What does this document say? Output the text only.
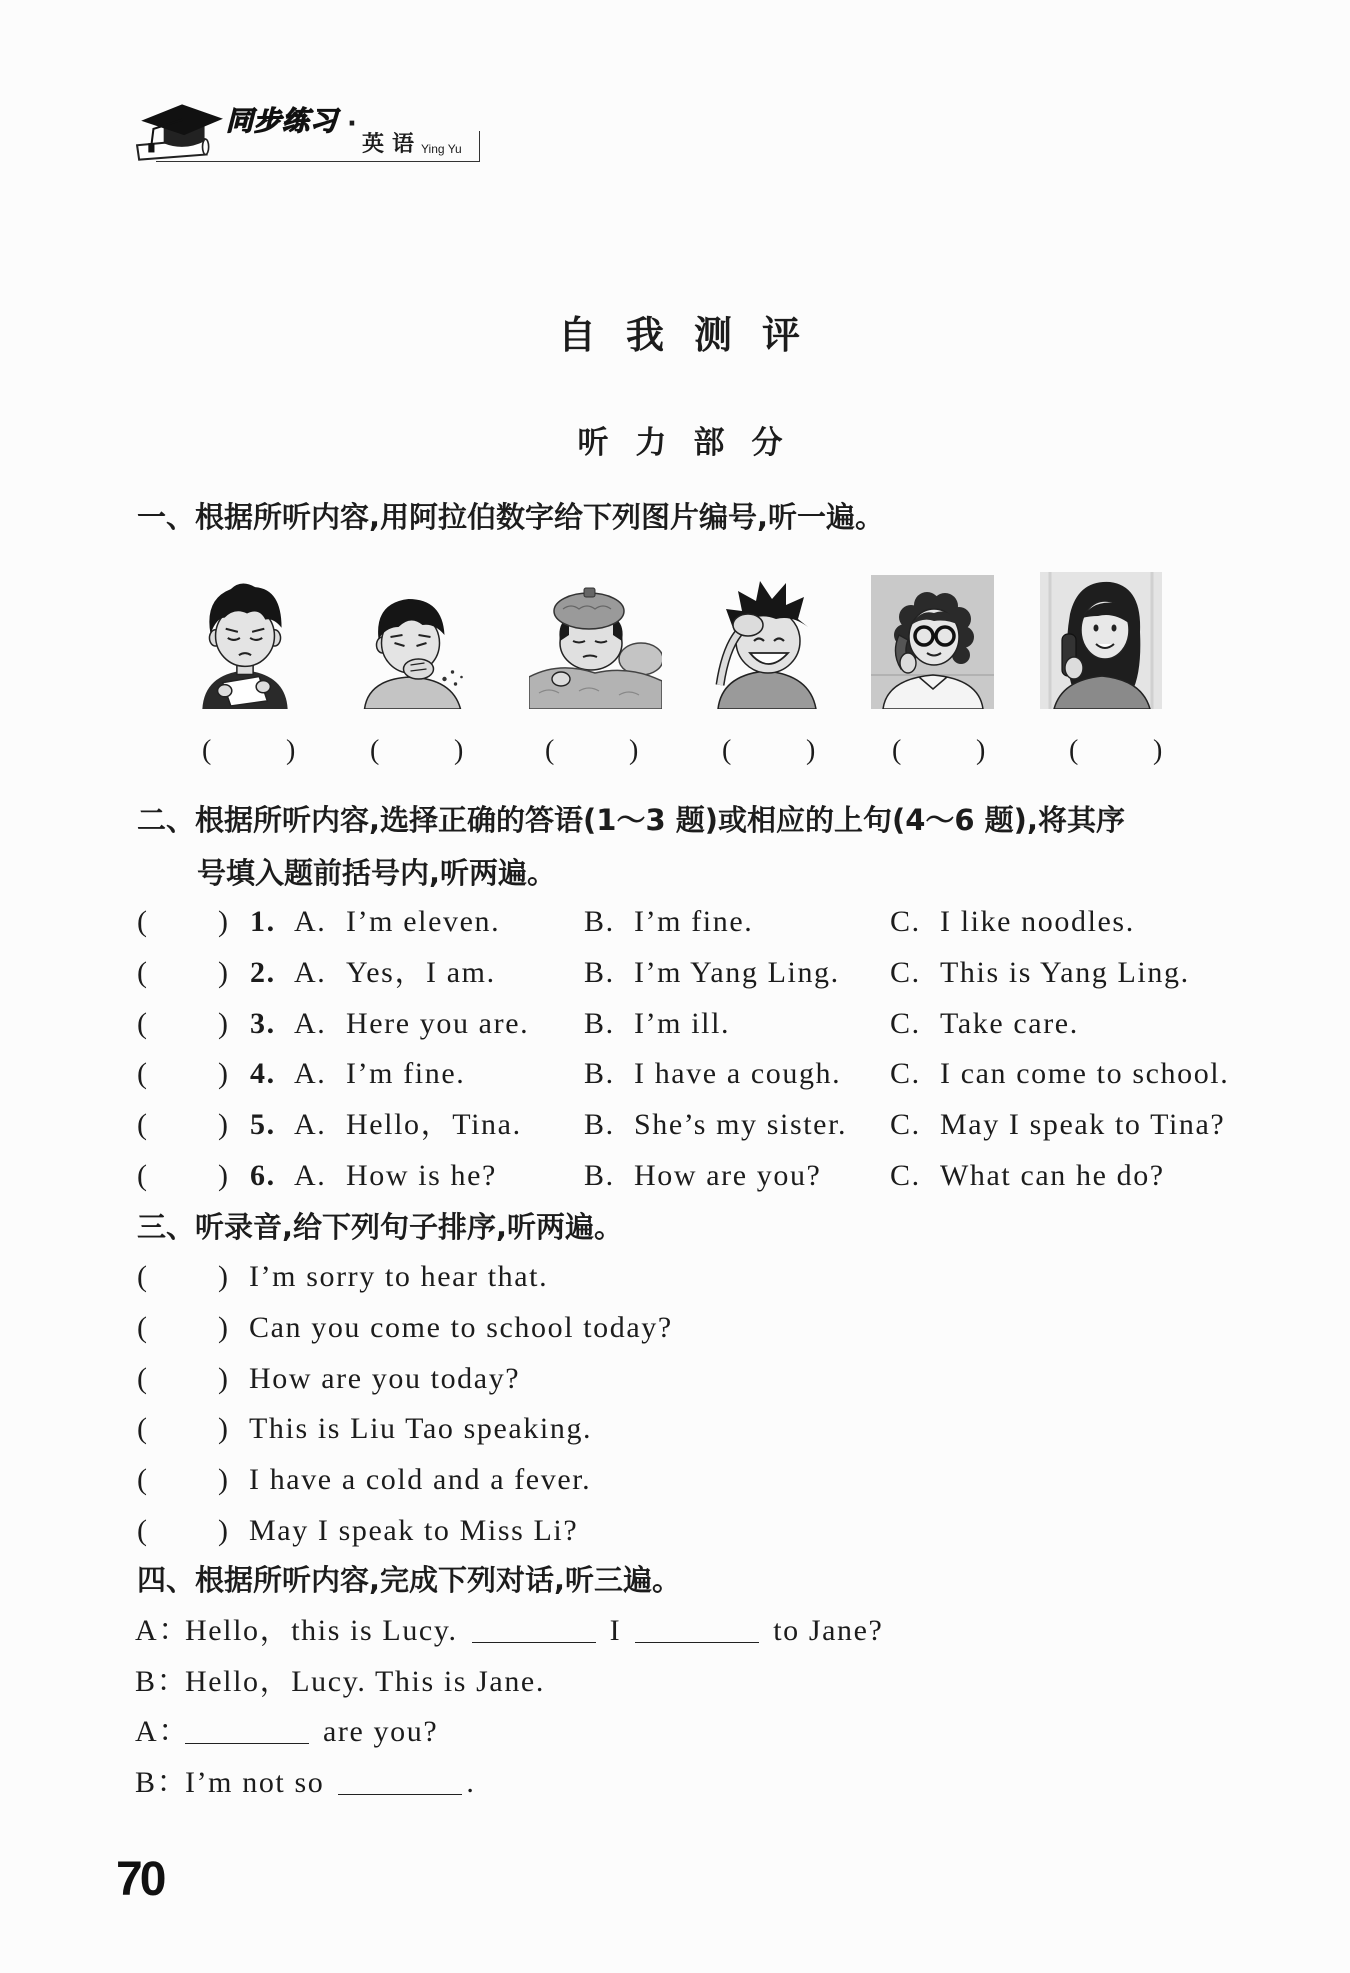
同步练习 ·
英语
Ying Yu
自我测评
听力部分
一、根据所听内容,用阿拉伯数字给下列图片编号,听一遍。
(	)	(	)	(	)	(	)	(	)	(	)
二、根据所听内容,选择正确的答语(1～3 题)或相应的上句(4～6 题),将其序
号填入题前括号内,听两遍。
( ) 1. A. I’m eleven.	B. I’m fine.	C. I like noodles.
( ) 2. A. Yes，I am.	B. I’m Yang Ling. C. This is Yang Ling.
( ) 3. A. Here you are. B. I’m ill.	C. Take care.
( ) 4. A. I’m fine.	B. I have a cough. C. I can come to school.
( ) 5. A. Hello，Tina. B. She’s my sister. C. May I speak to Tina?
( ) 6. A. How is he?	B. How are you? C. What can he do?
三、听录音,给下列句子排序,听两遍。
( ) I’m sorry to hear that.
( ) Can you come to school today?
( ) How are you today?
( ) This is Liu Tao speaking.
( ) I have a cold and a fever.
( ) May I speak to Miss Li?
四、根据所听内容,完成下列对话,听三遍。
A：Hello，this is Lucy.	I	to Jane?
B：Hello，Lucy. This is Jane.
A：	are you?
B：I’m not so	.
70
